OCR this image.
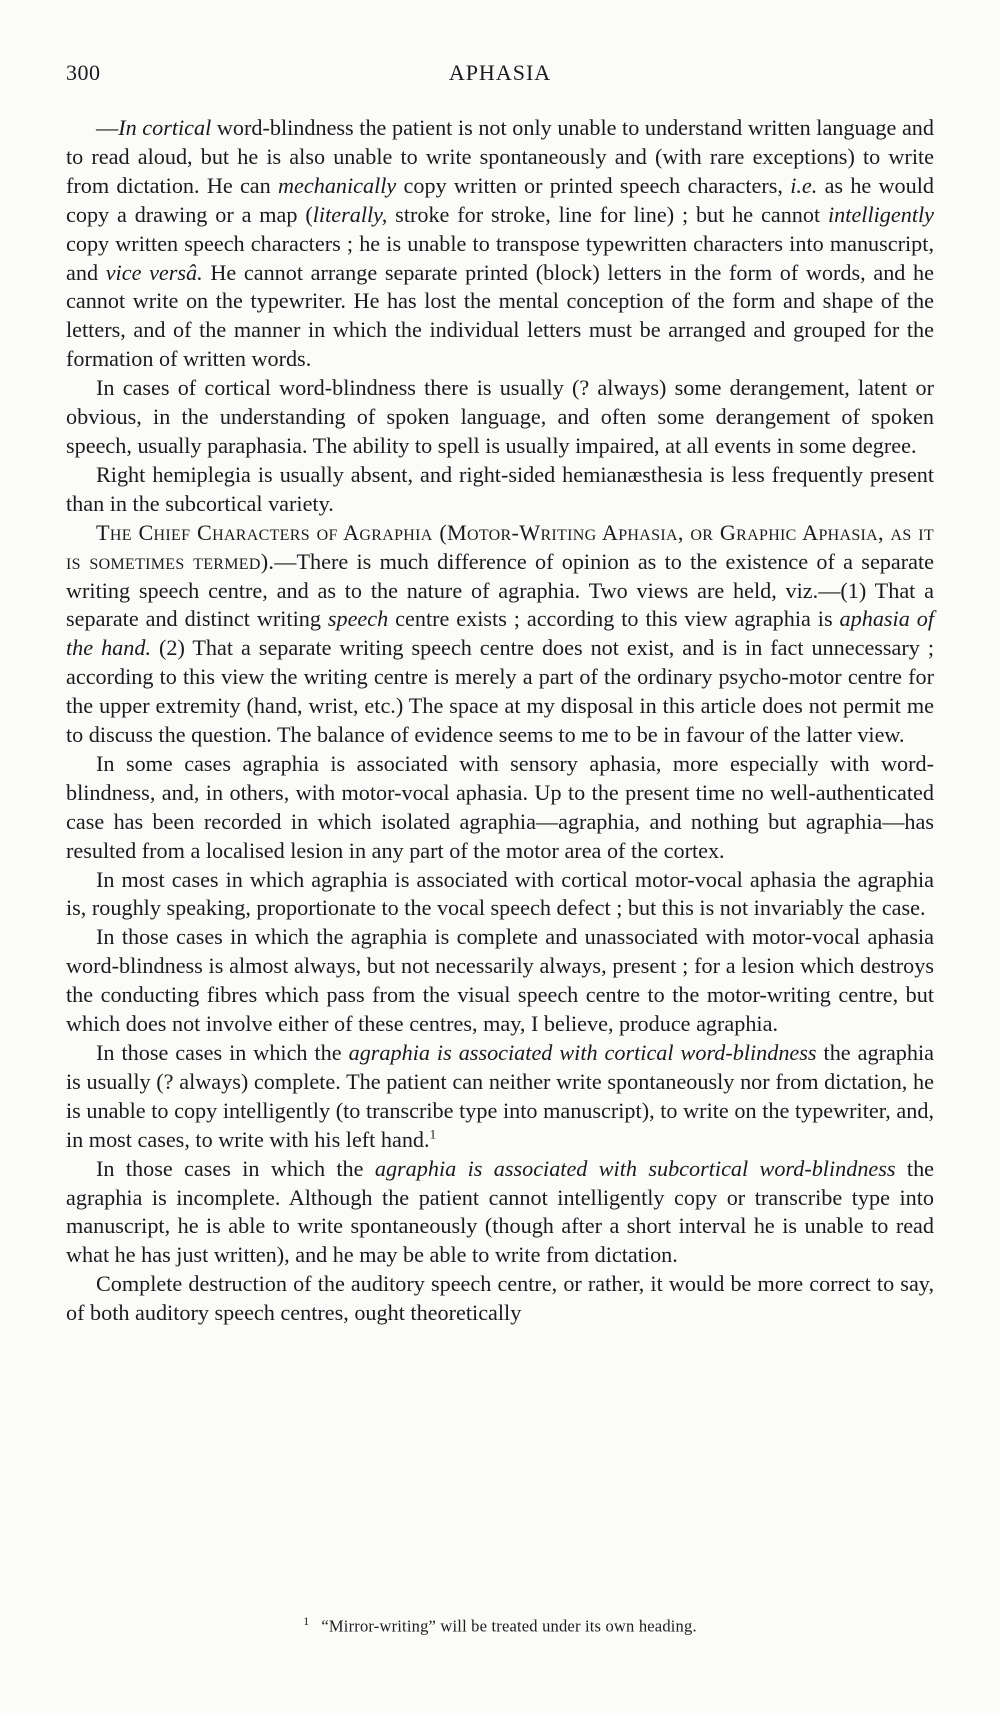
300	APHASIA

—In cortical word-blindness the patient is not only unable to understand written language and to read aloud, but he is also unable to write spontaneously and (with rare exceptions) to write from dictation. He can mechanically copy written or printed speech characters, i.e. as he would copy a drawing or a map (literally, stroke for stroke, line for line) ; but he cannot intelligently copy written speech characters ; he is unable to transpose typewritten characters into manuscript, and vice versâ. He cannot arrange separate printed (block) letters in the form of words, and he cannot write on the typewriter. He has lost the mental conception of the form and shape of the letters, and of the manner in which the individual letters must be arranged and grouped for the formation of written words.

In cases of cortical word-blindness there is usually (? always) some derangement, latent or obvious, in the understanding of spoken language, and often some derangement of spoken speech, usually paraphasia. The ability to spell is usually impaired, at all events in some degree.

Right hemiplegia is usually absent, and right-sided hemianæsthesia is less frequently present than in the subcortical variety.

The Chief Characters of Agraphia (Motor-Writing Aphasia, or Graphic Aphasia, as it is sometimes termed).—There is much difference of opinion as to the existence of a separate writing speech centre, and as to the nature of agraphia. Two views are held, viz.—(1) That a separate and distinct writing speech centre exists ; according to this view agraphia is aphasia of the hand. (2) That a separate writing speech centre does not exist, and is in fact unnecessary ; according to this view the writing centre is merely a part of the ordinary psycho-motor centre for the upper extremity (hand, wrist, etc.) The space at my disposal in this article does not permit me to discuss the question. The balance of evidence seems to me to be in favour of the latter view.

In some cases agraphia is associated with sensory aphasia, more especially with word-blindness, and, in others, with motor-vocal aphasia. Up to the present time no well-authenticated case has been recorded in which isolated agraphia—agraphia, and nothing but agraphia—has resulted from a localised lesion in any part of the motor area of the cortex.

In most cases in which agraphia is associated with cortical motor-vocal aphasia the agraphia is, roughly speaking, proportionate to the vocal speech defect ; but this is not invariably the case.

In those cases in which the agraphia is complete and unassociated with motor-vocal aphasia word-blindness is almost always, but not necessarily always, present ; for a lesion which destroys the conducting fibres which pass from the visual speech centre to the motor-writing centre, but which does not involve either of these centres, may, I believe, produce agraphia.

In those cases in which the agraphia is associated with cortical word-blindness the agraphia is usually (? always) complete. The patient can neither write spontaneously nor from dictation, he is unable to copy intelligently (to transcribe type into manuscript), to write on the typewriter, and, in most cases, to write with his left hand.$^1$

In those cases in which the agraphia is associated with subcortical word-blindness the agraphia is incomplete. Although the patient cannot intelligently copy or transcribe type into manuscript, he is able to write spontaneously (though after a short interval he is unable to read what he has just written), and he may be able to write from dictation.

Complete destruction of the auditory speech centre, or rather, it would be more correct to say, of both auditory speech centres, ought theoretically

$^1$ “Mirror-writing” will be treated under its own heading.
